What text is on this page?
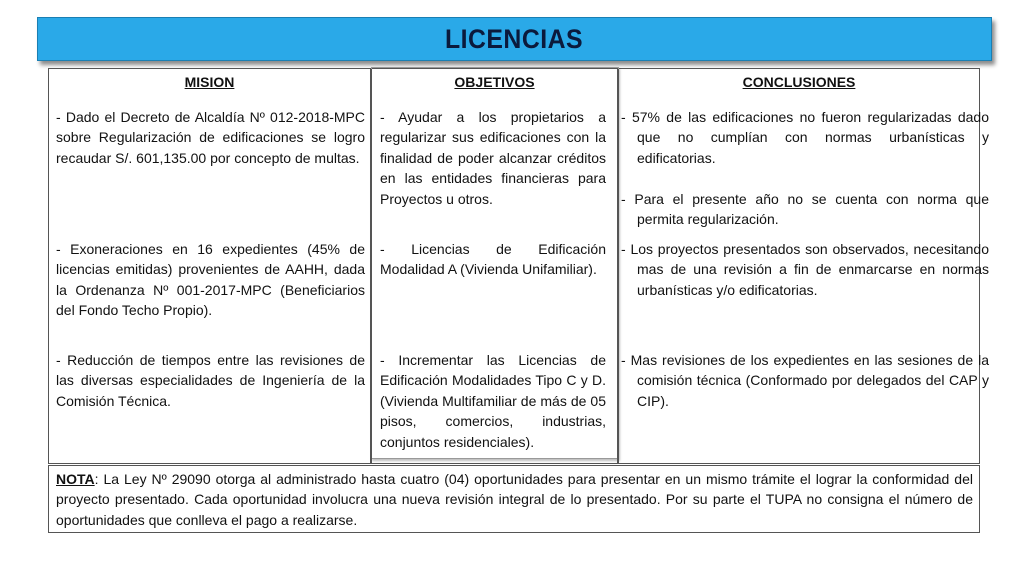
LICENCIAS
MISION	OBJETIVOS	CONCLUSIONES
- Dado el Decreto de Alcaldía Nº 012-2018-MPC sobre Regularización de edificaciones se logro recaudar S/. 601,135.00 por concepto de multas.
- Exoneraciones en 16 expedientes (45% de licencias emitidas) provenientes de AAHH, dada la Ordenanza Nº 001-2017-MPC (Beneficiarios del Fondo Techo Propio).
- Reducción de tiempos entre las revisiones de las diversas especialidades de Ingeniería de la Comisión Técnica.
- Ayudar a los propietarios a regularizar sus edificaciones con la finalidad de poder alcanzar créditos en las entidades financieras para Proyectos u otros.
- Licencias de Edificación Modalidad A (Vivienda Unifamiliar).
- Incrementar las Licencias de Edificación Modalidades Tipo C y D. (Vivienda Multifamiliar de más de 05 pisos, comercios, industrias, conjuntos residenciales).
- 57% de las edificaciones no fueron regularizadas dado que no cumplían con normas urbanísticas y edificatorias.
- Para el presente año no se cuenta con norma que permita regularización.
- Los proyectos presentados son observados, necesitando mas de una revisión a fin de enmarcarse en normas urbanísticas y/o edificatorias.
- Mas revisiones de los expedientes en las sesiones de la comisión técnica (Conformado por delegados del CAP y CIP).
NOTA: La Ley Nº 29090 otorga al administrado hasta cuatro (04) oportunidades para presentar en un mismo trámite el lograr la conformidad del proyecto presentado. Cada oportunidad involucra una nueva revisión integral de lo presentado. Por su parte el TUPA no consigna el número de oportunidades que conlleva el pago a realizarse.
